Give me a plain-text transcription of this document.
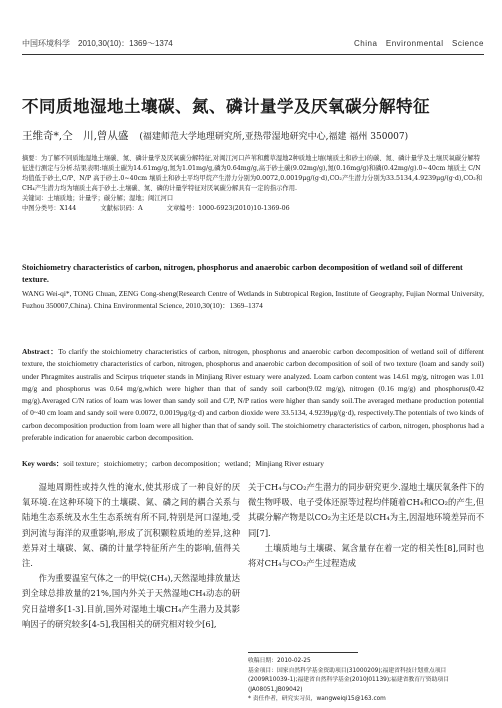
中国环境科学　2010,30(10)：1369～1374	China　Environmental　Science
不同质地湿地土壤碳、氮、磷计量学及厌氧碳分解特征
王维奇*,仝　川,曾从盛 (福建师范大学地理研究所,亚热带湿地研究中心,福建 福州 350007)

摘要：为了解不同质地湿地土壤碳、氮、磷计量学及厌氧碳分解特征,对闽江河口芦苇和藨草湿地2种质地土壤(壤质土和砂土)的碳、氮、磷计量学及土壤厌氧碳分解特征进行测定与分析.结果表明:壤质土碳为14.61mg/g,氮为1.01mg/g,磷为0.64mg/g,高于砂土碳(9.02mg/g),氮(0.16mg/g)和磷(0.42mg/g).0~40cm 壤质土 C/N 均值低于砂土,C/P、N/P 高于砂土.0~40cm 壤质土和砂土平均甲烷产生潜力分别为0.0072,0.0019μg/(g·d),CO₂产生潜力分别为33.5134,4.9239μg/(g·d),CO₂和CH₄产生潜力均为壤质土高于砂土.土壤碳、氮、磷的计量学特征对厌氧碳分解具有一定的指示作用.

关键词：土壤质地；计量学；碳分解；湿地；闽江河口

中图分类号：X144	文献标识码：A	文章编号：1000-6923(2010)10-1369-06

Stoichiometry characteristics of carbon, nitrogen, phosphorus and anaerobic carbon decomposition of wetland soil of different texture.
WANG Wei-qi*, TONG Chuan, ZENG Cong-sheng(Research Centre of Wetlands in Subtropical Region, Institute of Geography, Fujian Normal University, Fuzhou 350007,China). China Environmental Science, 2010,30(10)：1369–1374
Abstract：To clarify the stoichiometry characteristics of carbon, nitrogen, phosphorus and anaerobic carbon decomposition of wetland soil of different texture, the stoichiometry characteristics of carbon, nitrogen, phosphorus and anaerobic carbon decomposition of soil of two texture (loam and sandy soil) under Phragmites australis and Scirpus triqueter stands in Minjiang River estuary were analyzed. Loam carbon content was 14.61 mg/g, nitrogen was 1.01 mg/g and phosphorus was 0.64 mg/g,which were higher than that of sandy soil carbon(9.02 mg/g), nitrogen (0.16 mg/g) and phosphorus(0.42 mg/g).Averaged C/N ratios of loam was lower than sandy soil and C/P, N/P ratios were higher than sandy soil.The averaged methane production potential of 0~40 cm loam and sandy soil were 0.0072, 0.0019μg/(g·d) and carbon dioxide were 33.5134, 4.9239μg/(g·d), respectively.The potentials of two kinds of carbon decomposition production from loam were all higher than that of sandy soil. The stoichiometry characteristics of carbon, nitrogen, phosphorus had a preferable indication for anaerobic carbon decomposition.
Key words：soil texture；stoichiometry；carbon decomposition；wetland；Minjiang River estuary

湿地周期性或持久性的淹水,使其形成了一种良好的厌氧环境.在这种环境下的土壤碳、氮、磷之间的耦合关系与陆地生态系统及水生生态系统有所不同,特别是河口湿地,受到河流与海洋的双重影响,形成了沉积颗粒质地的差异,这种差异对土壤碳、氮、磷的计量学特征所产生的影响,值得关注.

作为重要温室气体之一的甲烷(CH₄),天然湿地排放量达到全球总排放量的21%,国内外关于天然湿地CH₄动态的研究日益增多[1-3].目前,国外对湿地土壤CH₄产生潜力及其影响因子的研究较多[4-5],我国相关的研究相对较少[6],

关于CH₄与CO₂产生潜力的同步研究更少.湿地土壤厌氧条件下的微生物呼吸、电子受体还原等过程均伴随着CH₄和CO₂的产生,但其碳分解产物是以CO₂为主还是以CH₄为主,因湿地环境差异而不同[7].

土壤质地与土壤碳、氮含量存在着一定的相关性[8],同时也将对CH₄与CO₂产生过程造成

收稿日期：2010-02-25
基金项目：国家自然科学基金资助项目(31000209);福建省科技计划重点项目(2009R10039-1);福建省自然科学基金(2010J01139);福建省教育厅资助项目(JA08051,JB09042)
* 责任作者，研究实习员，wangweiqi15@163.com
